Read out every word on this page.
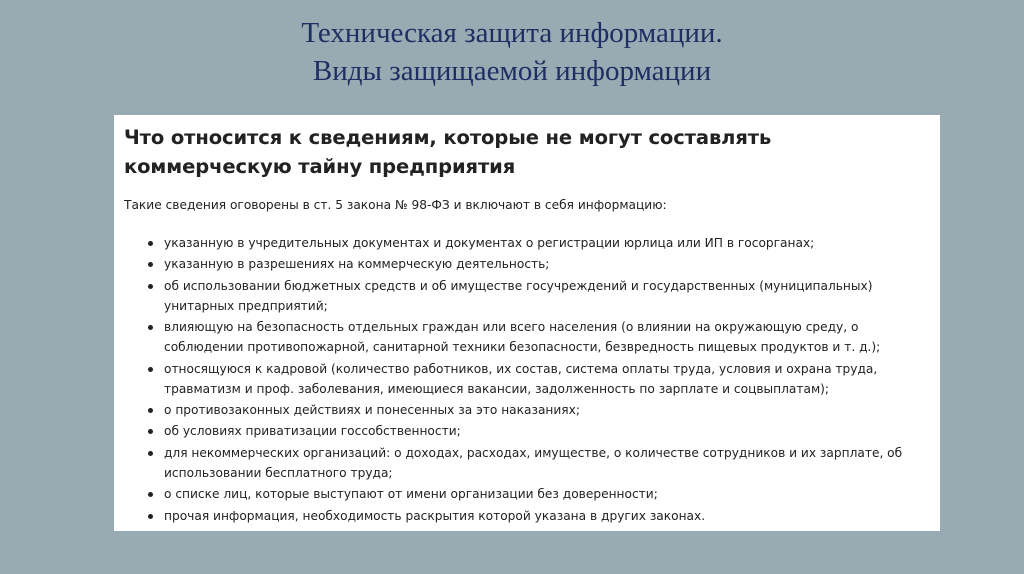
Техническая защита информации.
Виды защищаемой информации
Что относится к сведениям, которые не могут составлять коммерческую тайну предприятия

Такие сведения оговорены в ст. 5 закона № 98-ФЗ и включают в себя информацию:

указанную в учредительных документах и документах о регистрации юрлица или ИП в госорганах;
указанную в разрешениях на коммерческую деятельность;
об использовании бюджетных средств и об имуществе госучреждений и государственных (муниципальных) унитарных предприятий;
влияющую на безопасность отдельных граждан или всего населения (о влиянии на окружающую среду, о соблюдении противопожарной, санитарной техники безопасности, безвредность пищевых продуктов и т. д.);
относящуюся к кадровой (количество работников, их состав, система оплаты труда, условия и охрана труда, травматизм и проф. заболевания, имеющиеся вакансии, задолженность по зарплате и соцвыплатам);
о противозаконных действиях и понесенных за это наказаниях;
об условиях приватизации госсобственности;
для некоммерческих организаций: о доходах, расходах, имуществе, о количестве сотрудников и их зарплате, об использовании бесплатного труда;
о списке лиц, которые выступают от имени организации без доверенности;
прочая информация, необходимость раскрытия которой указана в других законах.
